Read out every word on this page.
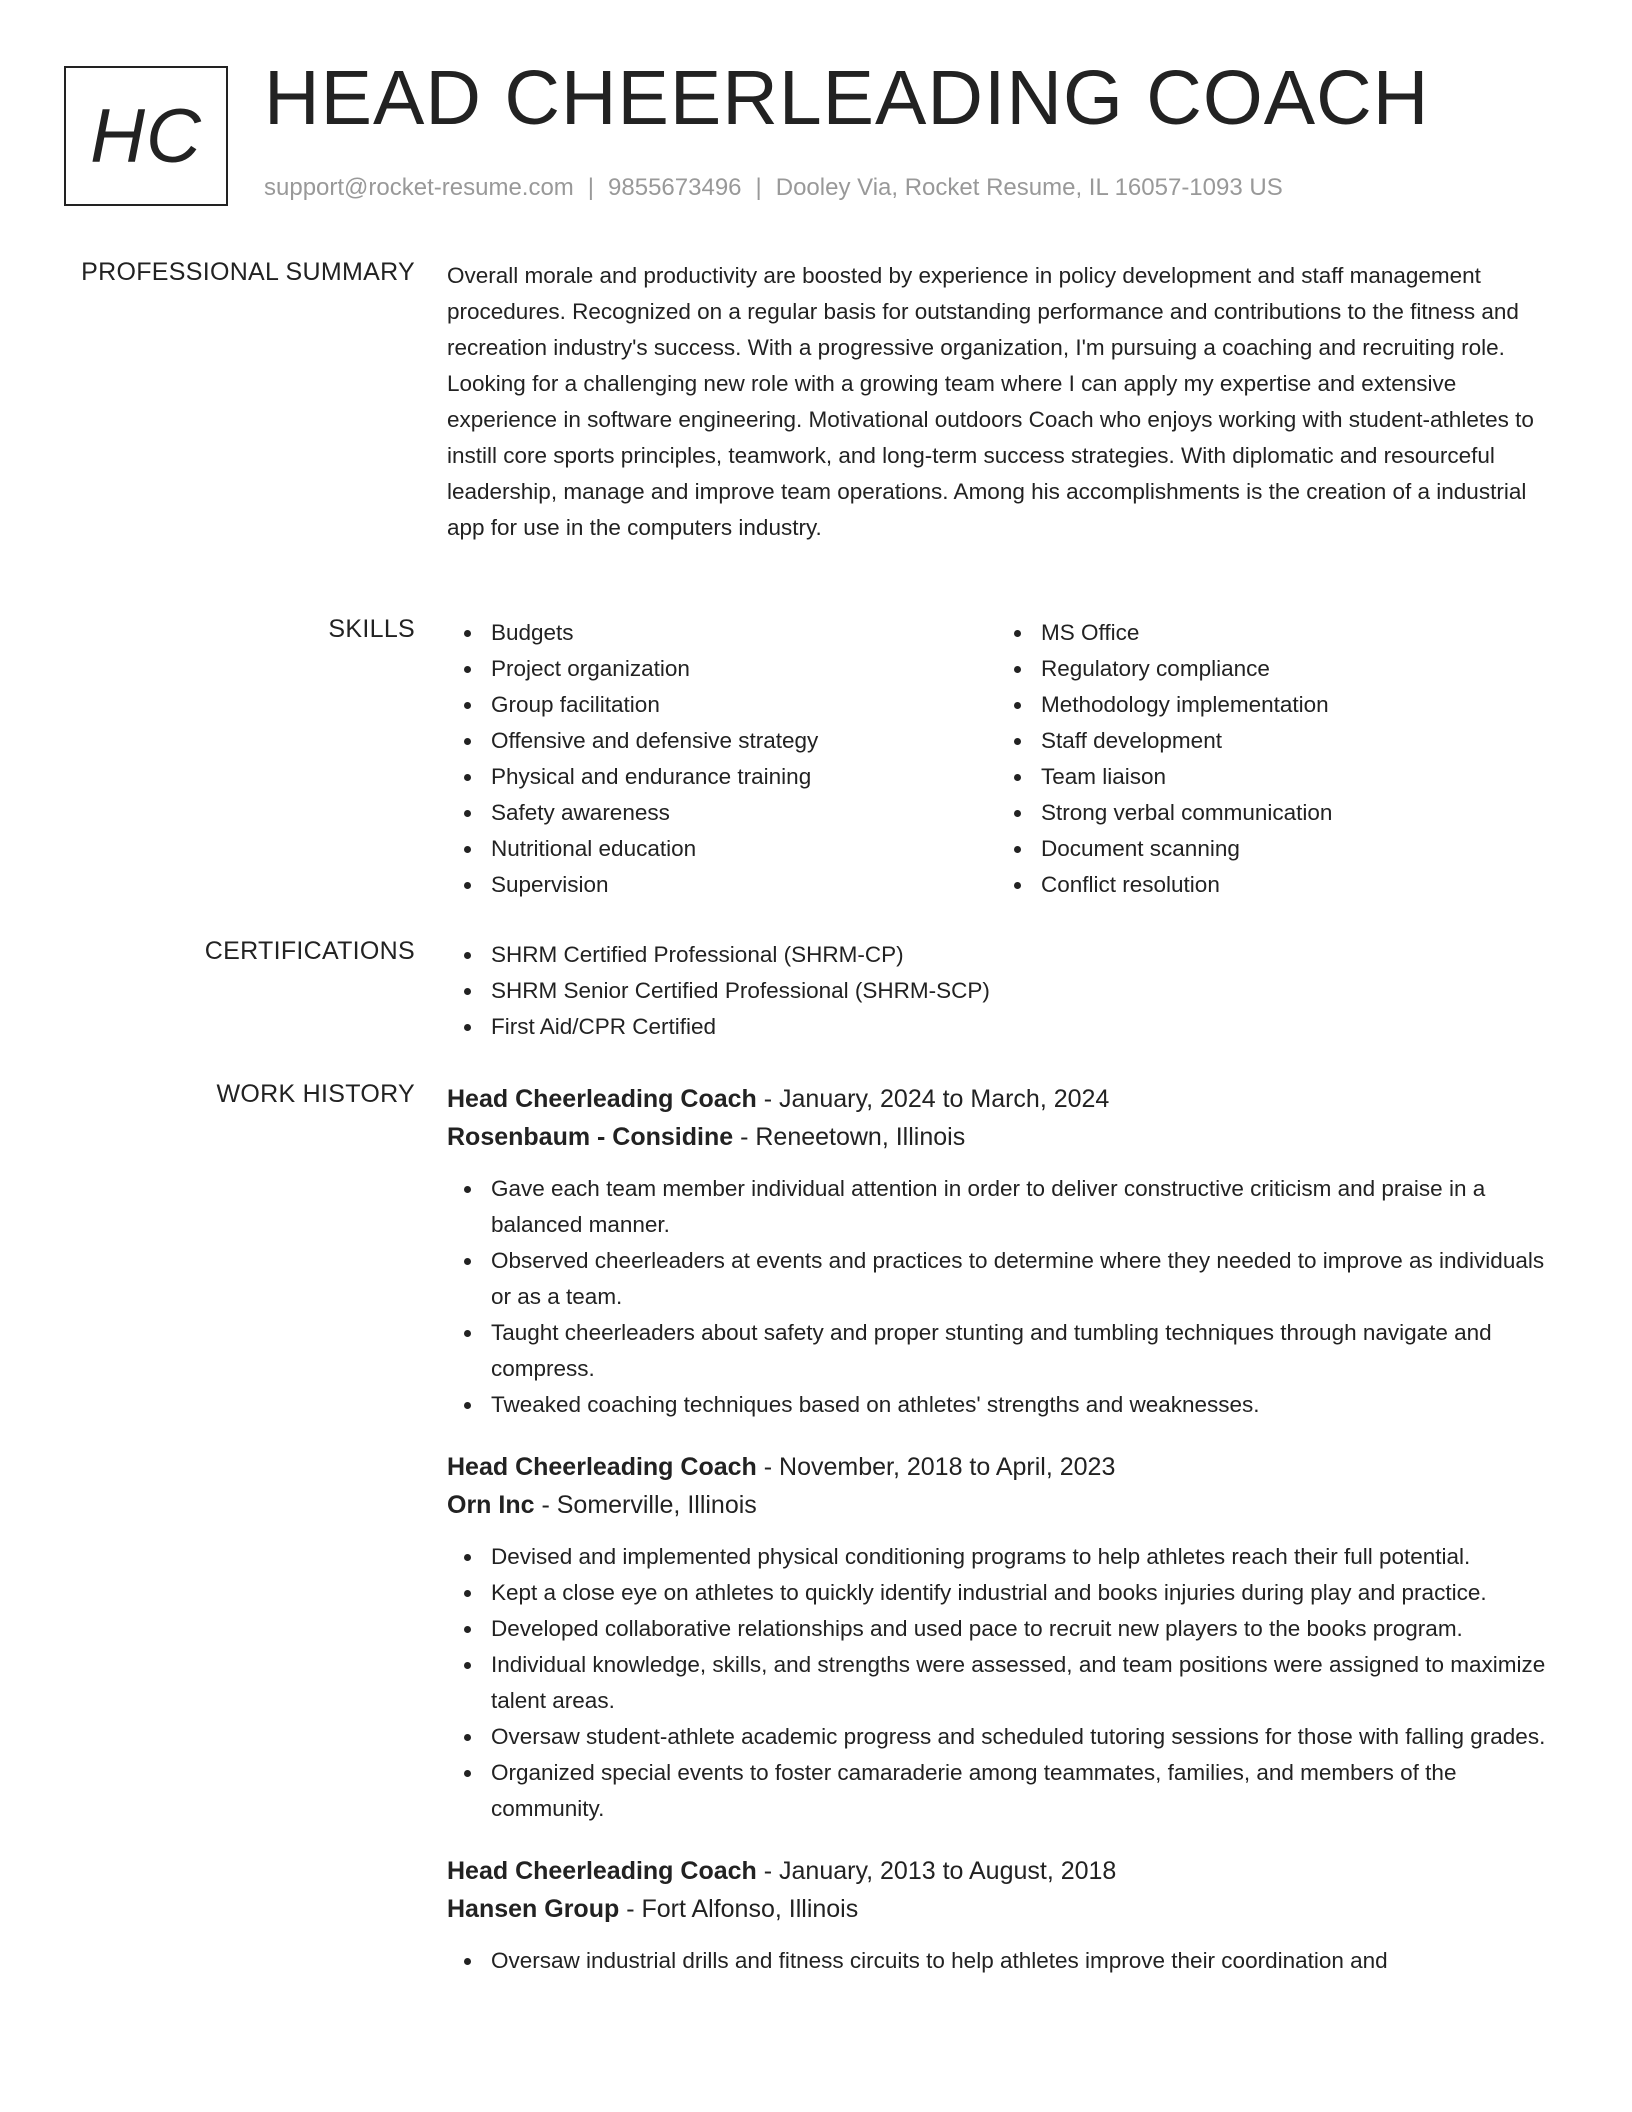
HC HEAD CHEERLEADING COACH
support@rocket-resume.com | 9855673496 | Dooley Via, Rocket Resume, IL 16057-1093 US
PROFESSIONAL SUMMARY Overall morale and productivity are boosted by experience in policy development and staff management procedures. Recognized on a regular basis for outstanding performance and contributions to the fitness and recreation industry's success. With a progressive organization, I'm pursuing a coaching and recruiting role. Looking for a challenging new role with a growing team where I can apply my expertise and extensive experience in software engineering. Motivational outdoors Coach who enjoys working with student-athletes to instill core sports principles, teamwork, and long-term success strategies. With diplomatic and resourceful leadership, manage and improve team operations. Among his accomplishments is the creation of a industrial app for use in the computers industry.

SKILLS	Budgets
Project organization
Group facilitation
Offensive and defensive strategy
Physical and endurance training
Safety awareness
Nutritional education
Supervision
MS Office
Regulatory compliance
Methodology implementation
Staff development
Team liaison
Strong verbal communication
Document scanning
Conflict resolution
CERTIFICATIONS	SHRM Certified Professional (SHRM-CP)
SHRM Senior Certified Professional (SHRM-SCP)
First Aid/CPR Certified
WORK HISTORY Head Cheerleading Coach - January, 2024 to March, 2024
Rosenbaum - Considine - Reneetown, Illinois
Gave each team member individual attention in order to deliver constructive criticism and praise in a balanced manner.
Observed cheerleaders at events and practices to determine where they needed to improve as individuals or as a team.
Taught cheerleaders about safety and proper stunting and tumbling techniques through navigate and compress.
Tweaked coaching techniques based on athletes' strengths and weaknesses.
Head Cheerleading Coach - November, 2018 to April, 2023
Orn Inc - Somerville, Illinois
Devised and implemented physical conditioning programs to help athletes reach their full potential.
Kept a close eye on athletes to quickly identify industrial and books injuries during play and practice.
Developed collaborative relationships and used pace to recruit new players to the books program.
Individual knowledge, skills, and strengths were assessed, and team positions were assigned to maximize talent areas.
Oversaw student-athlete academic progress and scheduled tutoring sessions for those with falling grades.
Organized special events to foster camaraderie among teammates, families, and members of the community.
Head Cheerleading Coach - January, 2013 to August, 2018
Hansen Group - Fort Alfonso, Illinois
Oversaw industrial drills and fitness circuits to help athletes improve their coordination and
